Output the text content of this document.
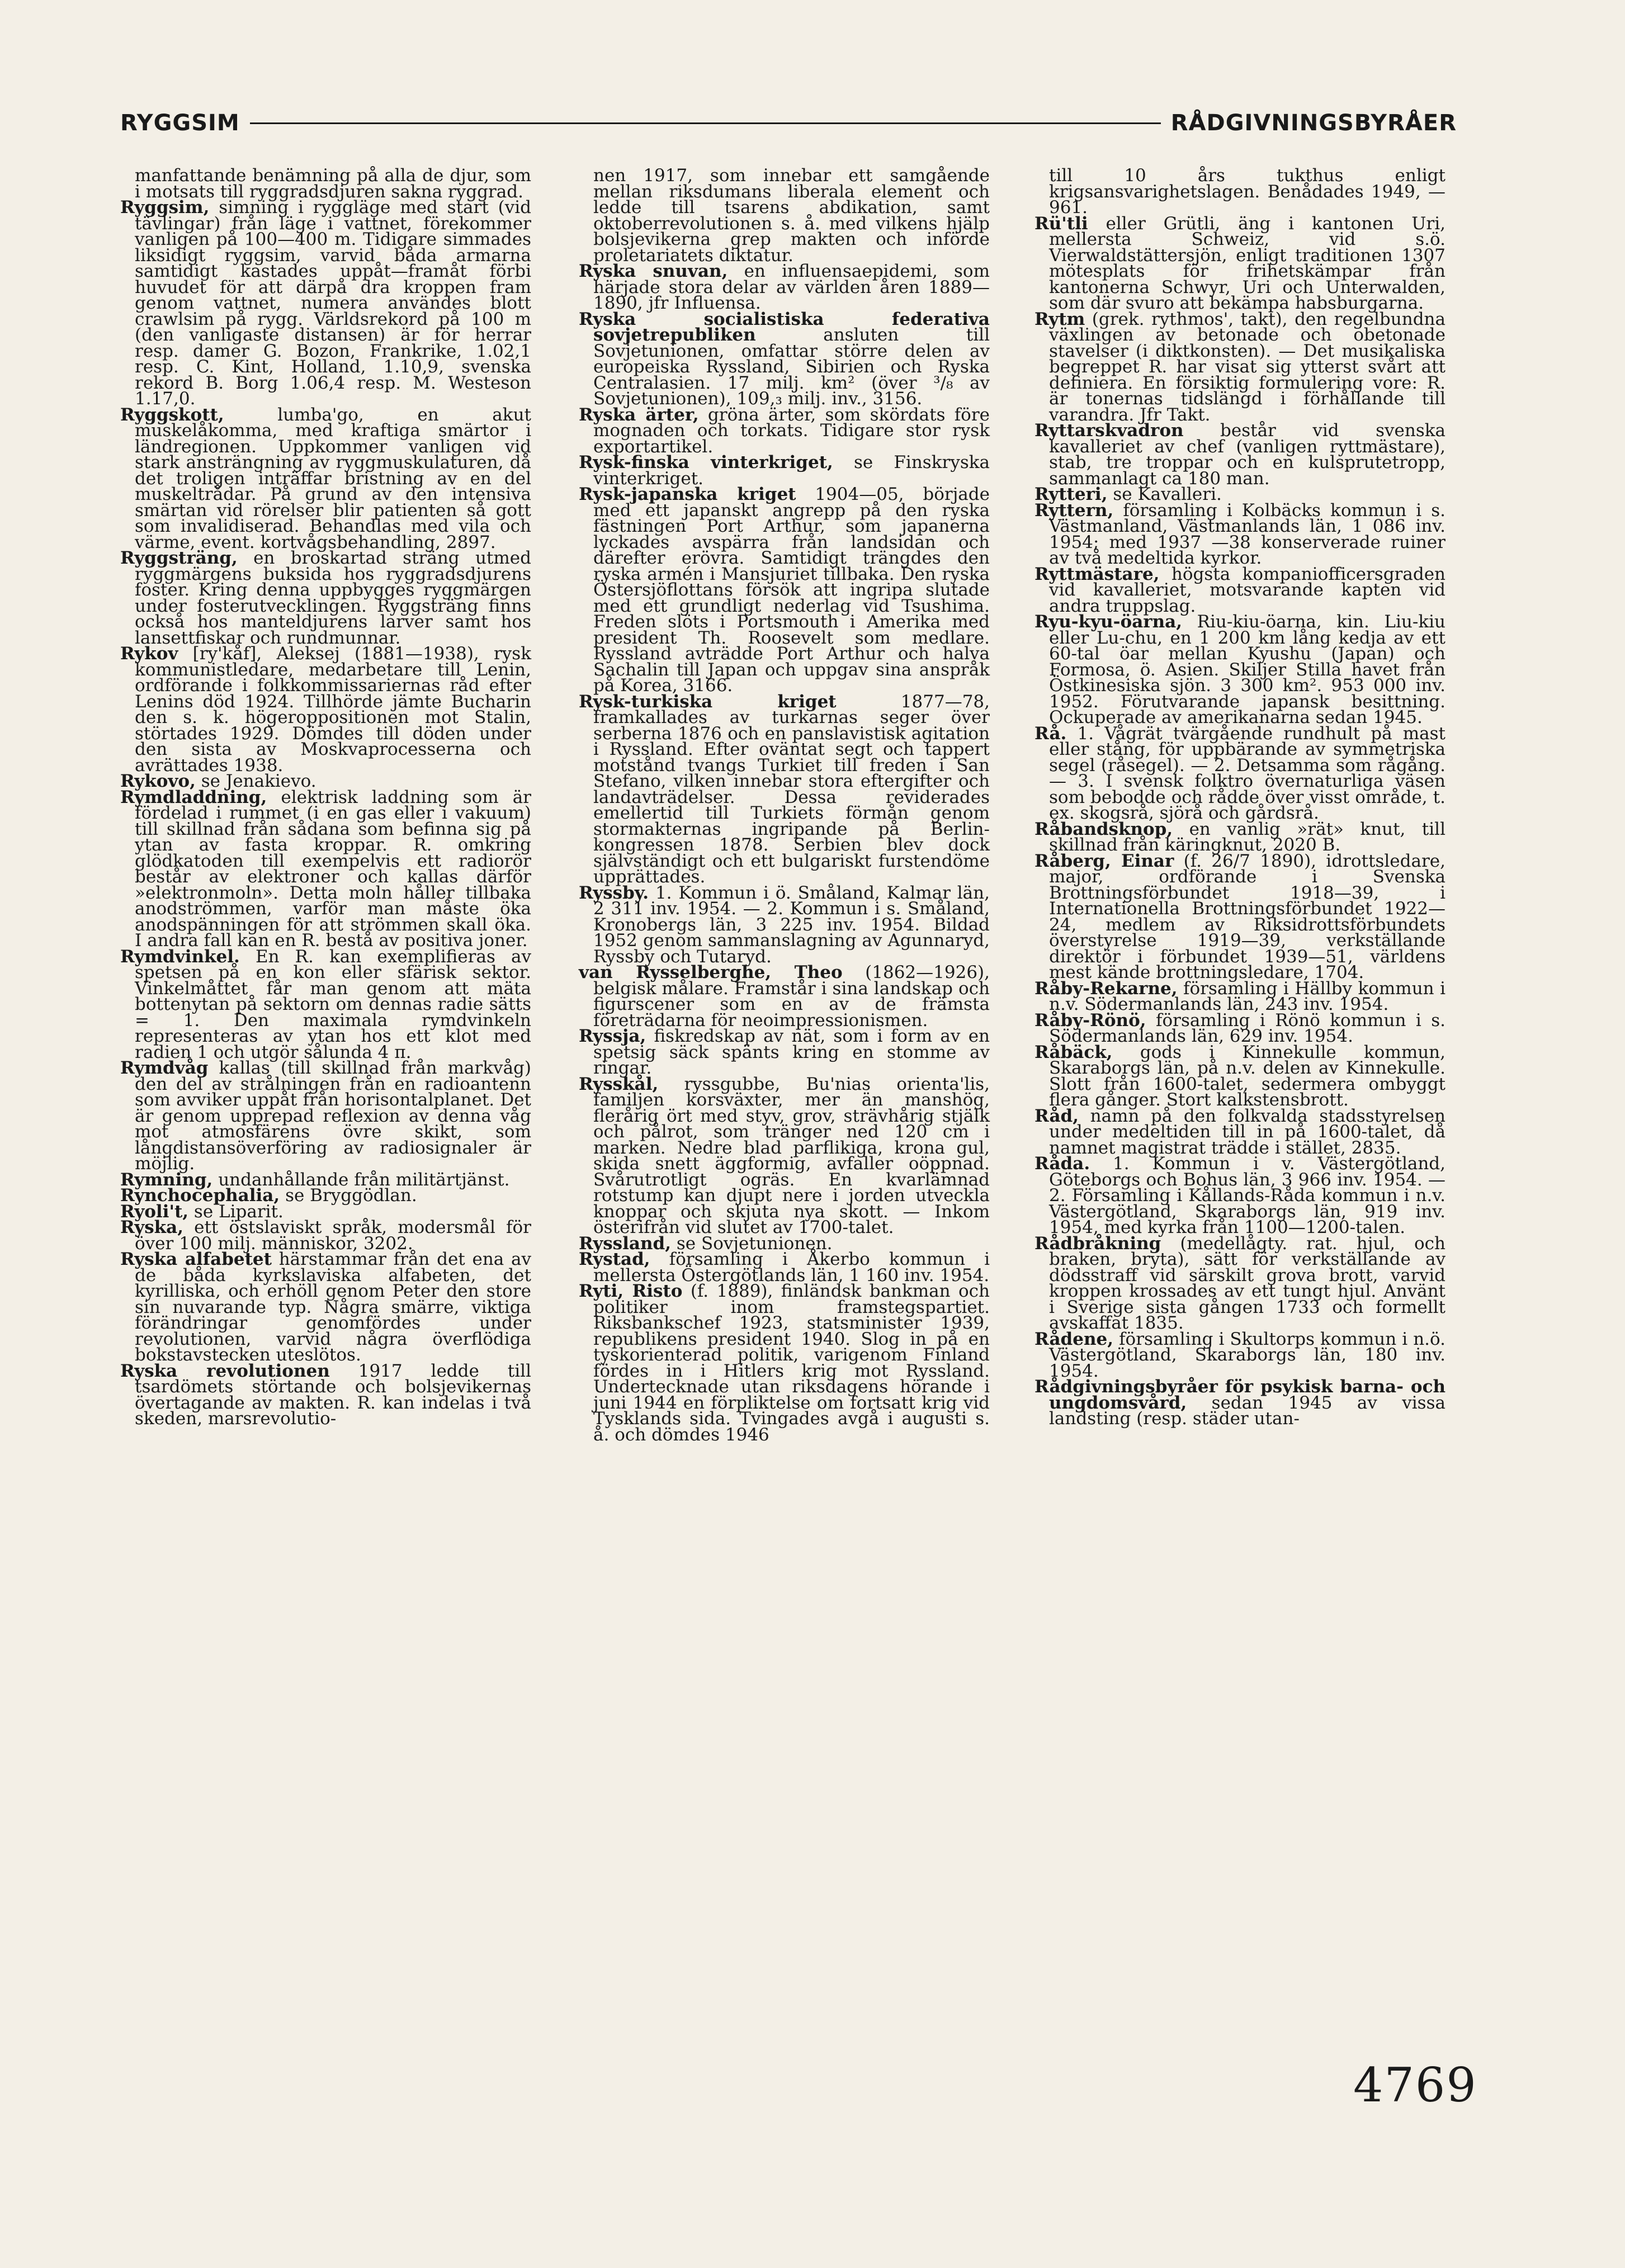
RYGGSIM	RÅDGIVNINGSBYRÅER

manfattande benämning på alla de djur, som i motsats till ryggradsdjuren sakna ryggrad.

Ryggsim, simning i ryggläge med start (vid tävlingar) från läge i vattnet, förekommer vanligen på 100—400 m. Tidigare simmades liksidigt ryggsim, varvid båda armarna samtidigt kastades uppåt—framåt förbi huvudet för att därpå dra kroppen fram genom vattnet, numera användes blott crawlsim på rygg. Världsrekord på 100 m (den vanligaste distansen) är för herrar resp. damer G. Bozon, Frankrike, 1.02,1 resp. C. Kint, Holland, 1.10,9, svenska rekord B. Borg 1.06,4 resp. M. Westeson 1.17,0.

Ryggskott,	lumba'go, en akut muskelåkomma, med kraftiga smärtor i ländregionen. Uppkommer vanligen vid stark ansträngning av ryggmuskulaturen, då det troligen inträffar bristning av en del muskeltrådar. På grund av den intensiva smärtan vid rörelser blir patienten så gott som invalidiserad. Behandlas med vila och värme, event. kortvågsbehandling, 2897.

Ryggsträng, en broskartad sträng utmed ryggmärgens buksida hos ryggradsdjurens foster. Kring denna uppbygges ryggmärgen under fosterutvecklingen. Ryggsträng finns också hos manteldjurens larver samt hos lansettfiskar och rundmunnar.

Rykov [ry'kåf], Aleksej (1881—1938), rysk kommunistledare, medarbetare till Lenin, ordförande i folkkommissariernas råd efter Lenins död 1924. Tillhörde jämte Bucharin den s. k. högeroppositionen mot Stalin, störtades 1929. Dömdes till döden under den sista av Moskvaprocesserna och avrättades 1938.

Rykovo, se Jenakievo.

Rymdladdning, elektrisk laddning som är fördelad i rummet (i en gas eller i vakuum) till skillnad från sådana som befinna sig på ytan av fasta kroppar. R. omkring glödkatoden till exempelvis ett radiorör består av elektroner och kallas därför »elektronmoln». Detta moln håller tillbaka anodströmmen, varför man måste öka anodspänningen för att strömmen skall öka. I andra fall kan en R. bestå av positiva joner.

Rymdvinkel. En R. kan exemplifieras av spetsen på en kon eller sfärisk sektor. Vinkelmåttet får man genom att mäta bottenytan på sektorn om dennas radie sätts = 1. Den maximala rymdvinkeln representeras av ytan hos ett klot med radien 1 och utgör sålunda 4 π.

Rymdvåg kallas (till skillnad från markvåg) den del av strålningen från en radioantenn som avviker uppåt från horisontalplanet. Det är genom upprepad reflexion av denna våg mot atmosfärens övre skikt, som långdistansöverföring av radiosignaler är möjlig.

Rymning, undanhållande från militärtjänst.

Rynchocephalia, se Bryggödlan.

Ryoli't, se Liparit.

Ryska, ett östslaviskt språk, modersmål för över 100 milj. människor, 3202.

Ryska alfabetet härstammar från det ena av de båda kyrkslaviska alfabeten, det kyrilliska, och erhöll genom Peter den store sin nuvarande typ. Några smärre, viktiga förändringar genomfördes under revolutionen, varvid några överflödiga bokstavstecken uteslötos.

Ryska revolutionen 1917 ledde till tsardömets störtande och bolsjevikernas övertagande av makten. R. kan indelas i två skeden, marsrevolutio-

nen 1917, som innebar ett samgående mellan riksdumans liberala element och ledde till tsarens abdikation, samt oktoberrevolutionen s. å. med vilkens hjälp bolsjevikerna grep makten och införde proletariatets diktatur.

Ryska snuvan, en influensaepidemi, som härjade stora delar av världen åren 1889—1890, jfr Influensa.

Ryska socialistiska federativa sovjetrepubliken	ansluten till Sovjetunionen, omfattar större delen av europeiska Ryssland, Sibirien och Ryska Centralasien. 17 milj. km² (över ³/₈ av Sovjetunionen), 109,₃ milj. inv., 3156.

Ryska ärter, gröna ärter, som skördats före mognaden och torkats. Tidigare stor rysk exportartikel.

Rysk-finska vinterkriget, se Finskryska vinterkriget.

Rysk-japanska kriget 1904—05, började med ett japanskt angrepp på den ryska fästningen Port Arthur, som japanerna lyckades avspärra från landsidan och därefter erövra. Samtidigt trängdes den ryska armén i Mansjuriet tillbaka. Den ryska Östersjöflottans försök att ingripa slutade med ett grundligt nederlag vid Tsushima. Freden slöts i Portsmouth i Amerika med president Th. Roosevelt som medlare. Ryssland avträdde Port Arthur och halva Sachalin till Japan och uppgav sina anspråk på Korea, 3166.

Rysk-turkiska kriget	1877—78, framkallades av turkarnas seger över serberna 1876 och en panslavistisk agitation i Ryssland. Efter oväntat segt och tappert motstånd tvangs Turkiet till freden i San Stefano, vilken innebar stora eftergifter och landavträdelser. Dessa reviderades emellertid till Turkiets förmån genom stormakternas ingripande på Berlin-kongressen 1878. Serbien blev dock självständigt och ett bulgariskt furstendöme upprättades.

Ryssby. 1. Kommun i ö. Småland, Kalmar län, 2 311 inv. 1954. — 2. Kommun i s. Småland, Kronobergs län, 3 225 inv. 1954. Bildad 1952 genom sammanslagning av Agunnaryd, Ryssby och Tutaryd.

van Rysselberghe, Theo (1862—1926), belgisk målare. Framstår i sina landskap och figurscener som en av de främsta företrädarna för neoimpressionismen.

Ryssja, fiskredskap av nät, som i form av en spetsig säck spänts kring en stomme av ringar.

Rysskål, ryssgubbe, Bu'nias orienta'lis, familjen korsväxter, mer än manshög, flerårig ört med styv, grov, strävhårig stjälk och pålrot, som tränger ned 120 cm i marken. Nedre blad parflikiga, krona gul, skida snett äggformig, avfaller oöppnad. Svårutrotligt ogräs. En kvarlämnad rotstump kan djupt nere i jorden utveckla knoppar och skjuta nya skott. — Inkom österifrån vid slutet av 1700-talet.

Ryssland, se Sovjetunionen.

Rystad, församling i Åkerbo kommun i mellersta Östergötlands län, 1 160 inv. 1954.

Ryti, Risto (f. 1889), finländsk bankman och politiker inom framstegspartiet. Riksbankschef 1923, statsminister 1939, republikens president 1940. Slog in på en tyskorienterad politik, varigenom Finland fördes in i Hitlers krig mot Ryssland. Undertecknade utan riksdagens hörande i juni 1944 en förpliktelse om fortsatt krig vid Tysklands sida. Tvingades avgå i augusti s. å. och dömdes 1946

till 10 års tukthus enligt krigsansvarighetslagen. Benådades 1949, —961.

Rü'tli eller Grütli, äng i kantonen Uri, mellersta Schweiz, vid s.ö. Vierwaldstättersjön, enligt traditionen 1307 mötesplats för frihetskämpar från kantonerna Schwyr, Uri och Unterwalden, som där svuro att bekämpa habsburgarna.

Rytm (grek. rythmos', takt), den regelbundna växlingen av betonade och obetonade stavelser (i diktkonsten). — Det musikaliska begreppet R. har visat sig ytterst svårt att definiera. En försiktig formulering vore: R. är tonernas tidslängd i förhållande till varandra. Jfr Takt.

Ryttarskvadron består vid svenska kavalleriet av chef (vanligen ryttmästare), stab, tre troppar och en kulsprutetropp, sammanlagt ca 180 man.

Rytteri, se Kavalleri.

Ryttern, församling i Kolbäcks kommun i s. Västmanland, Västmanlands län, 1 086 inv. 1954; med 1937 —38 konserverade ruiner av två medeltida kyrkor.

Ryttmästare, högsta kompaniofficersgraden vid kavalleriet, motsvarande kapten vid andra truppslag.

Ryu-kyu-öarna, Riu-kiu-öarna, kin. Liu-kiu eller Lu-chu, en 1 200 km lång kedja av ett 60-tal öar mellan Kyushu (Japan) och Formosa, ö. Asien. Skiljer Stilla havet från Östkinesiska sjön. 3 300 km². 953 000 inv. 1952. Förutvarande japansk besittning. Ockuperade av amerikanarna sedan 1945.

Rå. 1. Vågrät tvärgående rundhult på mast eller stång, för uppbärande av symmetriska segel (råsegel). — 2. Detsamma som rågång. — 3. I svensk folktro övernaturliga väsen som bebodde och rådde över visst område, t. ex. skogsrå, sjörå och gårdsrå.

Råbandsknop, en vanlig »rät» knut, till skillnad från käringknut, 2020 B.

Råberg, Einar (f. 26/7 1890), idrottsledare, major, ordförande i Svenska Brottningsförbundet 1918—39, i Internationella Brottningsförbundet 1922—24, medlem av Riksidrottsförbundets överstyrelse 1919—39, verkställande direktör i förbundet 1939—51, världens mest kände brottningsledare, 1704.

Råby-Rekarne, församling i Hällby kommun i n.v. Södermanlands län, 243 inv. 1954.

Råby-Rönö, församling i Rönö kommun i s. Södermanlands län, 629 inv. 1954.

Råbäck, gods i Kinnekulle kommun, Skaraborgs län, på n.v. delen av Kinnekulle. Slott från 1600-talet, sedermera ombyggt flera gånger. Stort kalkstensbrott.

Råd, namn på den folkvalda stadsstyrelsen under medeltiden till in på 1600-talet, då namnet magistrat trädde i stället, 2835.

Råda. 1. Kommun i v. Västergötland, Göteborgs och Bohus län, 3 966 inv. 1954. — 2. Församling i Kållands-Råda kommun i n.v. Västergötland, Skaraborgs län, 919 inv. 1954, med kyrka från 1100—1200-talen.

Rådbråkning (medellågty. rat. hjul, och braken, bryta), sätt för verkställande av dödsstraff vid särskilt grova brott, varvid kroppen krossades av ett tungt hjul. Använt i Sverige sista gången 1733 och formellt avskaffat 1835.

Rådene, församling i Skultorps kommun i n.ö. Västergötland, Skaraborgs län, 180 inv. 1954.

Rådgivningsbyråer för psykisk barna- och ungdomsvård, sedan 1945 av vissa landsting (resp. städer utan-

4769
